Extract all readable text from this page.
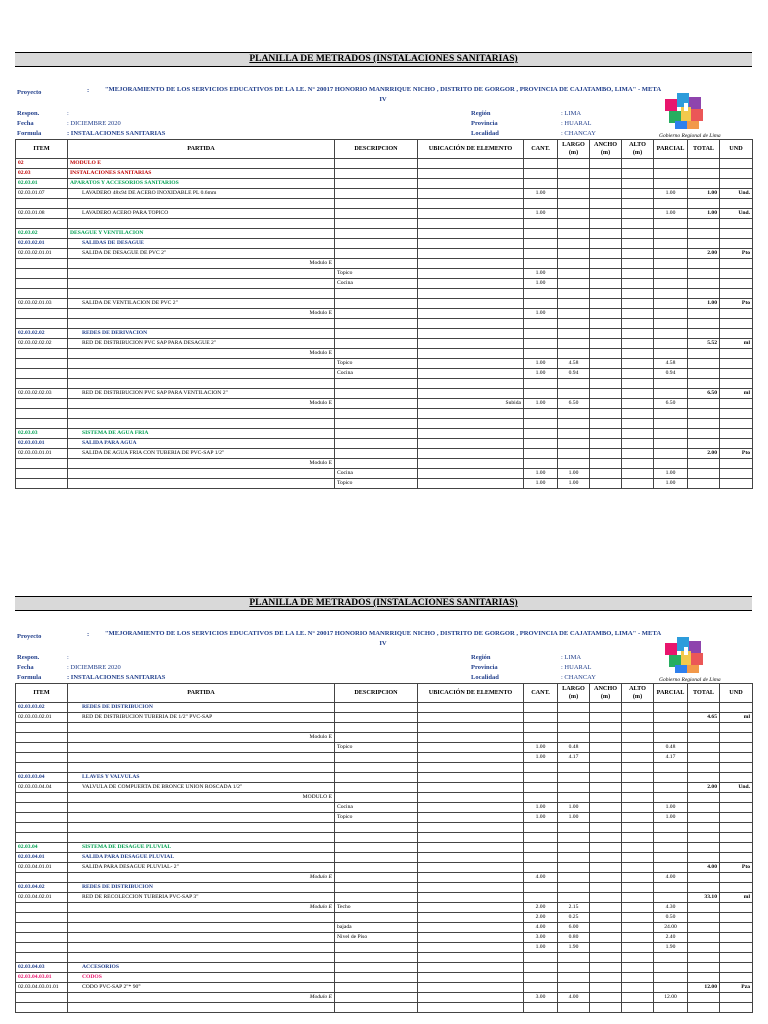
PLANILLA DE METRADOS (INSTALACIONES SANITARIAS)
Proyecto	: "MEJORAMIENTO DE LOS SERVICIOS EDUCATIVOS DE LA I.E. N° 20017 HONORIO MANRRIQUE NICHO , DISTRITO DE GORGOR , PROVINCIA DE CAJATAMBO, LIMA" - META IV
Respon.	:
Fecha	: DICIEMBRE 2020
Formula	: INSTALACIONES SANITARIAS
Región	: LIMA
Provincia	: HUARAL
Localidad	: CHANCAY	Gobierno Regional de Lima
ITEM	PARTIDA	DESCRIPCION	UBICACIÓN DE ELEMENTO	CANT.	LARGO (m)	ANCHO (m)	ALTO (m)	PARCIAL	TOTAL	UND
02	MODULO E									
02.03	INSTALACIONES SANITARIAS									
02.03.01	APARATOS Y ACCESORIOS SANITARIOS									
02.03.01.07	LAVADERO 48x94 DE ACERO INOXIDABLE PL 0.6mm			1.00				1.00	1.00	Und.

02.03.01.08	LAVADERO ACERO PARA TOPICO			1.00				1.00	1.00	Und.

02.03.02	DESAGUE Y VENTILACION									
02.03.02.01	SALIDAS DE DESAGUE									
02.03.02.01.01	SALIDA DE DESAGUE DE PVC 2"								2.00	Pto
	Modulo E									
		Topico		1.00						
		Cocina		1.00						

02.03.02.01.03	SALIDA DE VENTILACION DE PVC 2"								1.00	Pto
	Modulo E			1.00						

02.03.02.02	REDES DE DERIVACION									
02.03.02.02.02	RED DE DISTRIBUCION PVC SAP PARA DESAGUE 2"								5.52	ml
	Modulo E									
		Topico		1.00	4.58			4.58		
		Cocina		1.00	0.94			0.94		

02.03.02.02.03	RED DE DISTRIBUCION PVC SAP PARA VENTILACION 2"								6.50	ml
	Modulo E		Subida	1.00	6.50			6.50		

02.03.03	SISTEMA DE AGUA FRIA									
02.03.03.01	SALIDA PARA AGUA									
02.03.03.01.01	SALIDA DE AGUA FRIA CON TUBERIA DE PVC-SAP 1/2"								2.00	Pto
	Modulo E									
		Cocina		1.00	1.00			1.00		
		Topico		1.00	1.00			1.00		
PLANILLA DE METRADOS (INSTALACIONES SANITARIAS)
Proyecto	: "MEJORAMIENTO DE LOS SERVICIOS EDUCATIVOS DE LA I.E. N° 20017 HONORIO MANRRIQUE NICHO , DISTRITO DE GORGOR , PROVINCIA DE CAJATAMBO, LIMA" - META IV
Respon.	:
Fecha	: DICIEMBRE 2020
Formula	: INSTALACIONES SANITARIAS
Región	: LIMA
Provincia	: HUARAL
Localidad	: CHANCAY	Gobierno Regional de Lima
ITEM	PARTIDA	DESCRIPCION	UBICACIÓN DE ELEMENTO	CANT.	LARGO (m)	ANCHO (m)	ALTO (m)	PARCIAL	TOTAL	UND
02.03.03.02	REDES DE DISTRIBUCION									
02.03.03.02.01	RED DE DISTRIBUCION TUBERIA DE 1/2" PVC-SAP								4.65	ml

	Modulo E									
		Topico		1.00	0.48			0.48		
				1.00	4.17			4.17		

02.03.03.04	LLAVES Y VALVULAS									
02.03.03.04.04	VALVULA DE COMPUERTA DE BRONCE UNION ROSCADA 1/2"								2.00	Und.
	MODULO E									
		Cocina		1.00	1.00			1.00		
		Topico		1.00	1.00			1.00		

02.03.04	SISTEMA DE DESAGUE PLUVIAL									
02.03.04.01	SALIDA PARA DESAGUE PLUVIAL									
02.03.04.01.01	SALIDA PARA DESAGUE PLUVIAL- 2"								4.00	Pto
	Modulo E			4.00				4.00		
02.03.04.02	REDES DE DISTRIBUCION									
02.03.04.02.01	RED DE RECOLECCION TUBERIA PVC-SAP 3"								33.10	ml
	Modulo E	Techo		2.00	2.15			4.30		
				2.00	0.25			0.50		
		bajada		4.00	6.00			24.00		
		Nivel de Piso		3.00	0.80			2.40		
				1.00	1.90			1.90		

02.03.04.03	ACCESORIOS									
02.03.04.03.01	CODOS									
02.03.04.03.01.01	CODO PVC-SAP 2"* 90°								12.00	Pza
	Modulo E			3.00	4.00			12.00		
